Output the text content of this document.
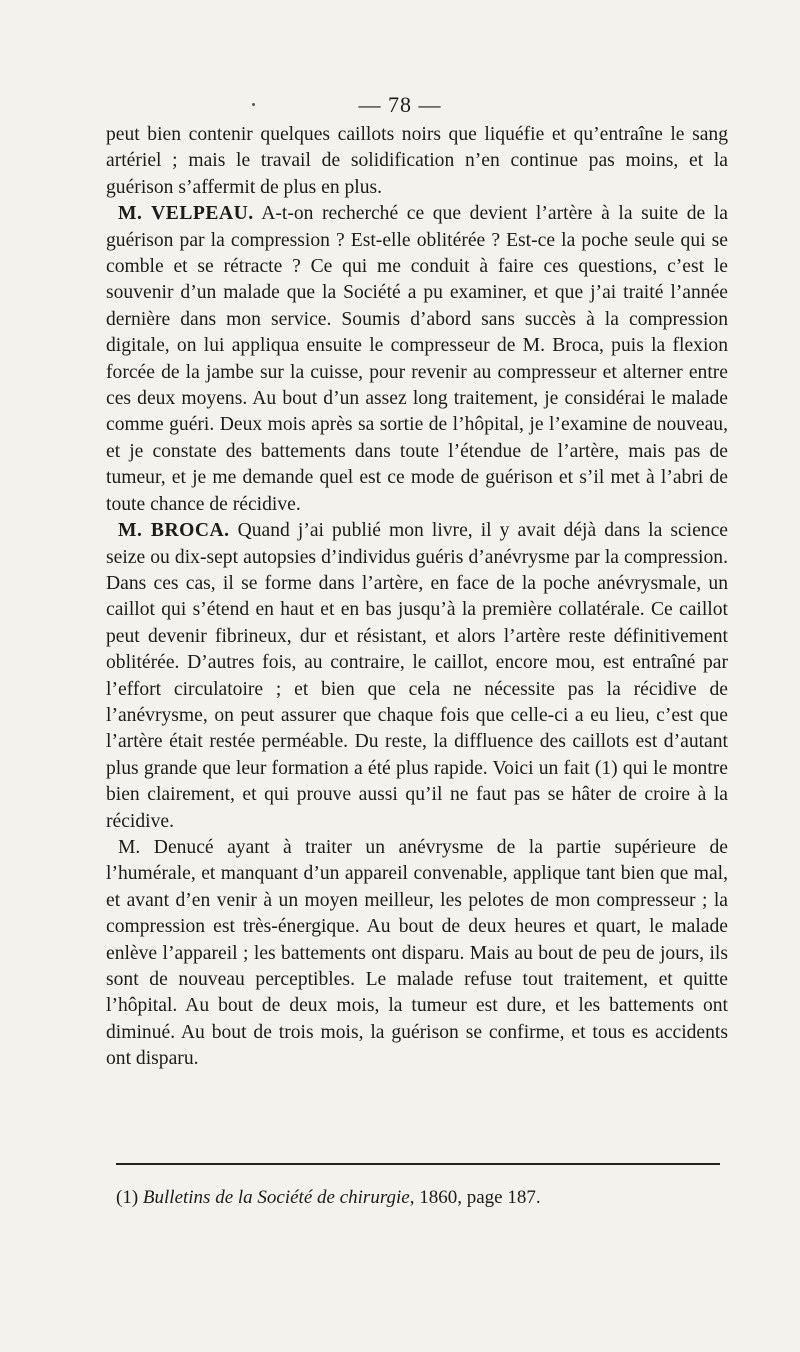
— 78 —

peut bien contenir quelques caillots noirs que liquéfie et qu’entraîne le sang artériel ; mais le travail de solidification n’en continue pas moins, et la guérison s’affermit de plus en plus.

M. VELPEAU. A-t-on recherché ce que devient l’artère à la suite de la guérison par la compression ? Est-elle oblitérée ? Est-ce la poche seule qui se comble et se rétracte ? Ce qui me conduit à faire ces questions, c’est le souvenir d’un malade que la Société a pu examiner, et que j’ai traité l’année dernière dans mon service. Soumis d’abord sans succès à la compression digitale, on lui appliqua ensuite le compresseur de M. Broca, puis la flexion forcée de la jambe sur la cuisse, pour revenir au compresseur et alterner entre ces deux moyens. Au bout d’un assez long traitement, je considérai le malade comme guéri. Deux mois après sa sortie de l’hôpital, je l’examine de nouveau, et je constate des battements dans toute l’étendue de l’artère, mais pas de tumeur, et je me demande quel est ce mode de guérison et s’il met à l’abri de toute chance de récidive.

M. BROCA. Quand j’ai publié mon livre, il y avait déjà dans la science seize ou dix-sept autopsies d’individus guéris d’anévrysme par la compression. Dans ces cas, il se forme dans l’artère, en face de la poche anévrysmale, un caillot qui s’étend en haut et en bas jusqu’à la première collatérale. Ce caillot peut devenir fibrineux, dur et résistant, et alors l’artère reste définitivement oblitérée. D’autres fois, au contraire, le caillot, encore mou, est entraîné par l’effort circulatoire ; et bien que cela ne nécessite pas la récidive de l’anévrysme, on peut assurer que chaque fois que celle-ci a eu lieu, c’est que l’artère était restée perméable. Du reste, la diffluence des caillots est d’autant plus grande que leur formation a été plus rapide. Voici un fait (1) qui le montre bien clairement, et qui prouve aussi qu’il ne faut pas se hâter de croire à la récidive.

M. Denucé ayant à traiter un anévrysme de la partie supérieure de l’humérale, et manquant d’un appareil convenable, applique tant bien que mal, et avant d’en venir à un moyen meilleur, les pelotes de mon compresseur ; la compression est très-énergique. Au bout de deux heures et quart, le malade enlève l’appareil ; les battements ont disparu. Mais au bout de peu de jours, ils sont de nouveau perceptibles. Le malade refuse tout traitement, et quitte l’hôpital. Au bout de deux mois, la tumeur est dure, et les battements ont diminué. Au bout de trois mois, la guérison se confirme, et tous es accidents ont disparu.

(1) Bulletins de la Société de chirurgie, 1860, page 187.
